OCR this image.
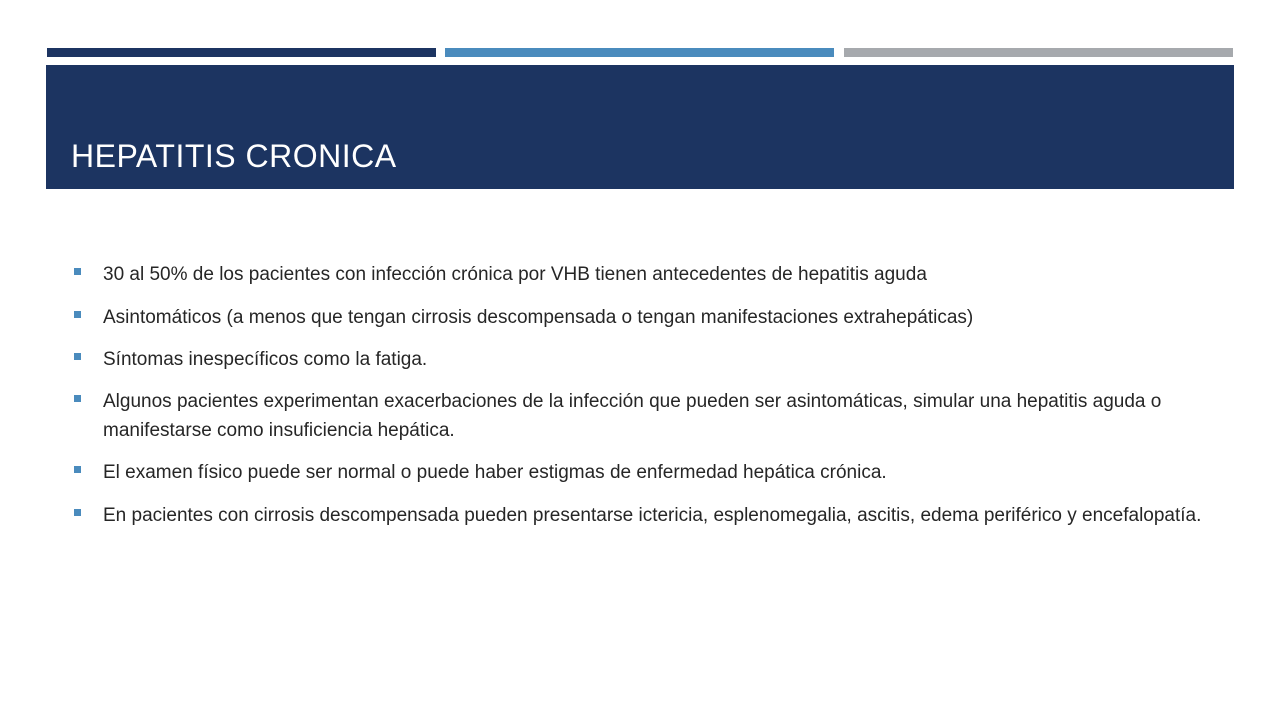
HEPATITIS CRONICA
30 al 50% de los pacientes con infección crónica por VHB tienen antecedentes de hepatitis aguda
Asintomáticos (a menos que tengan cirrosis descompensada o tengan manifestaciones extrahepáticas)
Síntomas inespecíficos como la fatiga.
Algunos pacientes experimentan exacerbaciones de la infección que pueden ser asintomáticas, simular una hepatitis aguda o manifestarse como insuficiencia hepática.
El examen físico puede ser normal o puede haber estigmas de enfermedad hepática crónica.
En pacientes con cirrosis descompensada pueden presentarse ictericia, esplenomegalia, ascitis, edema periférico y encefalopatía.
